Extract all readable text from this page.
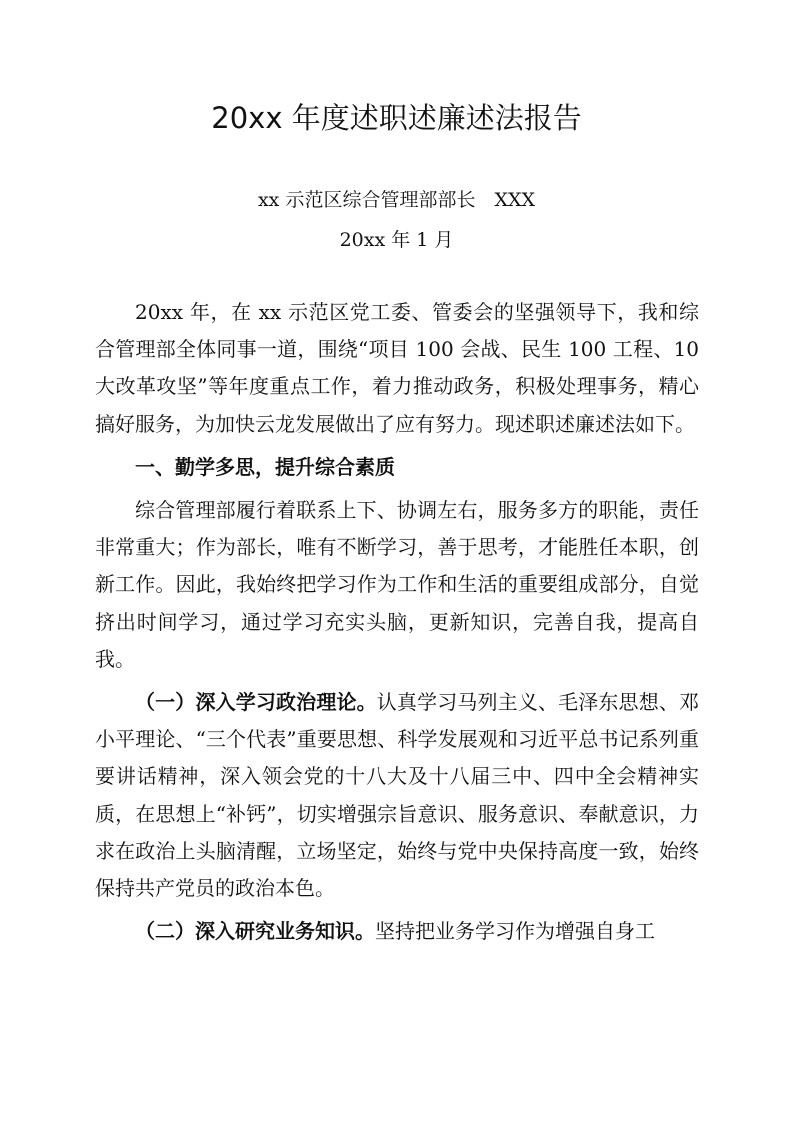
20xx 年度述职述廉述法报告
xx 示范区综合管理部部长　XXX
20xx 年 1 月

20xx 年，在 xx 示范区党工委、管委会的坚强领导下，我和综合管理部全体同事一道，围绕“项目 100 会战、民生 100 工程、10 大改革攻坚”等年度重点工作，着力推动政务，积极处理事务，精心搞好服务，为加快云龙发展做出了应有努力。现述职述廉述法如下。

一、勤学多思，提升综合素质

综合管理部履行着联系上下、协调左右，服务多方的职能，责任非常重大；作为部长，唯有不断学习，善于思考，才能胜任本职，创新工作。因此，我始终把学习作为工作和生活的重要组成部分，自觉挤出时间学习，通过学习充实头脑，更新知识，完善自我，提高自我。

（一）深入学习政治理论。认真学习马列主义、毛泽东思想、邓小平理论、“三个代表”重要思想、科学发展观和习近平总书记系列重要讲话精神，深入领会党的十八大及十八届三中、四中全会精神实质，在思想上“补钙”，切实增强宗旨意识、服务意识、奉献意识，力求在政治上头脑清醒，立场坚定，始终与党中央保持高度一致，始终保持共产党员的政治本色。

（二）深入研究业务知识。坚持把业务学习作为增强自身工
